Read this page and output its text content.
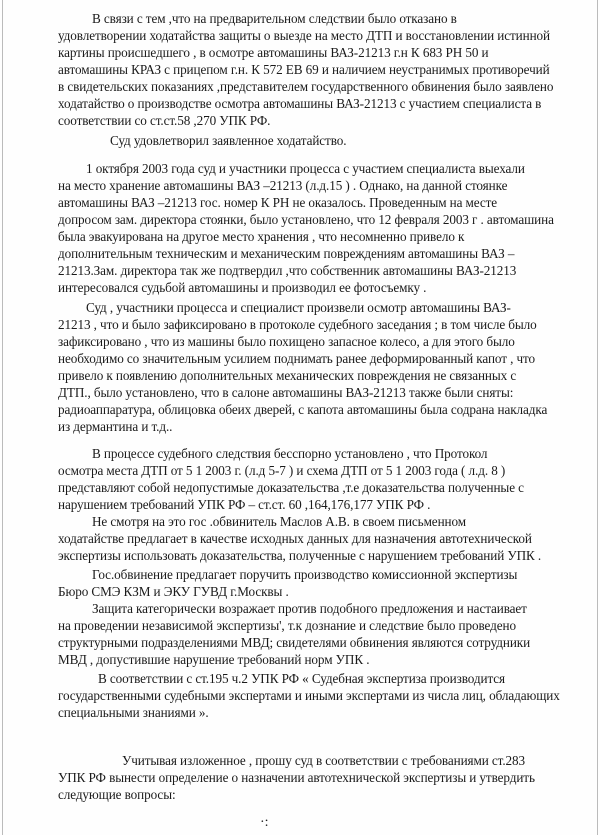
В связи с тем ,что на предварительном следствии было отказано в
удовлетворении ходатайства защиты о выезде на место ДТП и восстановлении истинной
картины происшедшего , в осмотре автомашины ВАЗ-21213 г.н К 683 РН 50 и
автомашины КРАЗ с прицепом г.н. К 572 ЕВ 69 и наличием неустранимых противоречий
в свидетельских показаниях ,представителем государственного обвинения было заявлено
ходатайство о производстве осмотра автомашины ВАЗ-21213 с участием специалиста в
соответствии со ст.ст.58 ,270 УПК РФ.
Суд удовлетворил заявленное ходатайство.
1 октября 2003 года суд и участники процесса с участием специалиста выехали
на место хранение автомашины ВАЗ –21213 (л.д.15 ) . Однако, на данной стоянке
автомашины ВАЗ –21213 гос. номер К РН не оказалось. Проведенным на месте
допросом зам. директора стоянки, было установлено, что 12 февраля 2003 г . автомашина
была эвакуирована на другое место хранения , что несомненно привело к
дополнительным техническим и механическим повреждениям автомашины ВАЗ –
21213.Зам. директора так же подтвердил ,что собственник автомашины ВАЗ-21213
интересовался судьбой автомашины и производил ее фотосъемку .
Суд , участники процесса и специалист произвели осмотр автомашины ВАЗ-
21213 , что и было зафиксировано в протоколе судебного заседания ; в том числе было
зафиксировано , что из машины было похищено запасное колесо, а для этого было
необходимо со значительным усилием поднимать ранее деформированный капот , что
привело к появлению дополнительных механических повреждения не связанных с
ДТП., было установлено, что в салоне автомашины ВАЗ-21213 также были сняты:
радиоаппаратура, облицовка обеих дверей, с капота автомашины была содрана накладка
из дермантина и т.д..
В процессе судебного следствия бесспорно установлено , что Протокол
осмотра места ДТП от 5 1 2003 г. (л.д 5-7 ) и схема ДТП от 5 1 2003 года ( л.д. 8 )
представляют собой недопустимые доказательства ,т.е доказательства полученные с
нарушением требований УПК РФ – ст.ст. 60 ,164,176,177 УПК РФ .
Не смотря на это гос .обвинитель Маслов А.В. в своем письменном
ходатайстве предлагает в качестве исходных данных для назначения автотехнической
экспертизы использовать доказательства, полученные с нарушением требований УПК .
Гос.обвинение предлагает поручить производство комиссионной экспертизы
Бюро СМЭ КЗМ и ЭКУ ГУВД г.Москвы .
Защита категорически возражает против подобного предложения и настаивает
на проведении независимой экспертизы', т.к дознание и следствие было проведено
структурными подразделениями МВД; свидетелями обвинения являются сотрудники
МВД , допустившие нарушение требований норм УПК .
В соответствии с ст.195 ч.2 УПК РФ « Судебная экспертиза производится
государственными судебными экспертами и иными экспертами из числа лиц, обладающих
специальными знаниями ».
Учитывая изложенное , прошу суд в соответствии с требованиями ст.283
УПК РФ вынести определение о назначении автотехнической экспертизы и утвердить
следующие вопросы:
·:
